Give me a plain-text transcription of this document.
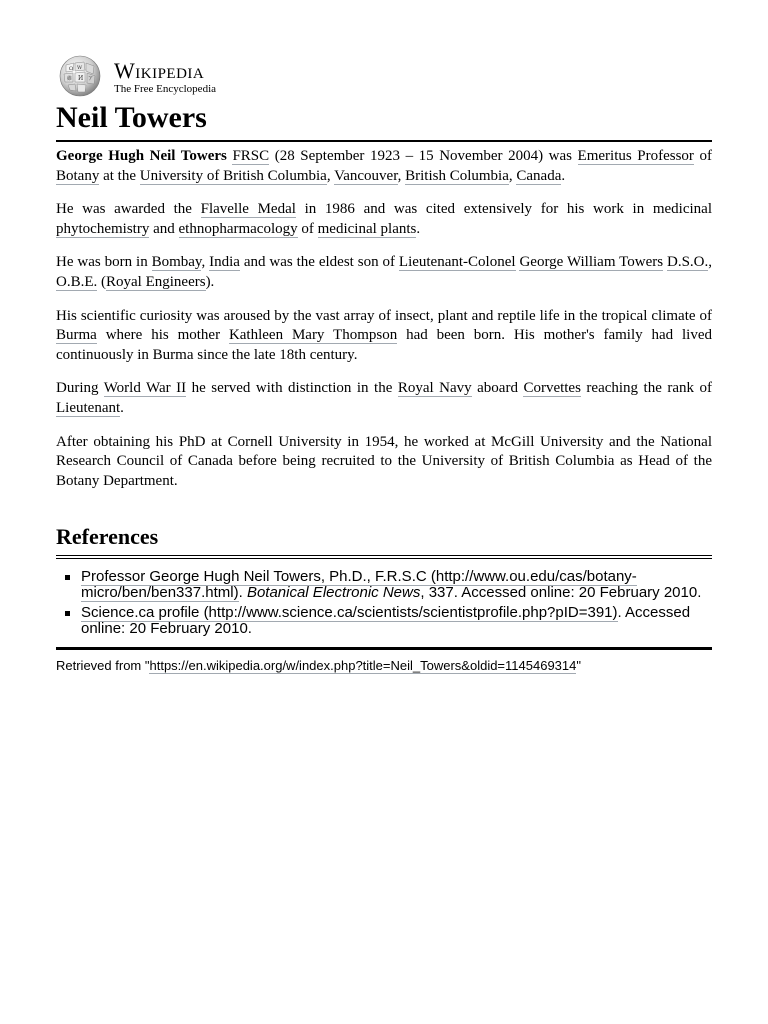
Ω W
И ア
維 Wikipedia
The Free Encyclopedia
Neil Towers

George Hugh Neil Towers FRSC (28 September 1923 – 15 November 2004) was Emeritus Professor of Botany at the University of British Columbia, Vancouver, British Columbia, Canada.

He was awarded the Flavelle Medal in 1986 and was cited extensively for his work in medicinal phytochemistry and ethnopharmacology of medicinal plants.

He was born in Bombay, India and was the eldest son of Lieutenant-Colonel George William Towers D.S.O., O.B.E. (Royal Engineers).

His scientific curiosity was aroused by the vast array of insect, plant and reptile life in the tropical climate of Burma where his mother Kathleen Mary Thompson had been born. His mother's family had lived continuously in Burma since the late 18th century.

During World War II he served with distinction in the Royal Navy aboard Corvettes reaching the rank of Lieutenant.

After obtaining his PhD at Cornell University in 1954, he worked at McGill University and the National Research Council of Canada before being recruited to the University of British Columbia as Head of the Botany Department.

References
Professor George Hugh Neil Towers, Ph.D., F.R.S.C (http://www.ou.edu/cas/botany-micro/ben/ben337.html). Botanical Electronic News, 337. Accessed online: 20 February 2010.
Science.ca profile (http://www.science.ca/scientists/scientistprofile.php?pID=391). Accessed online: 20 February 2010.
Retrieved from "https://en.wikipedia.org/w/index.php?title=Neil_Towers&oldid=1145469314"
